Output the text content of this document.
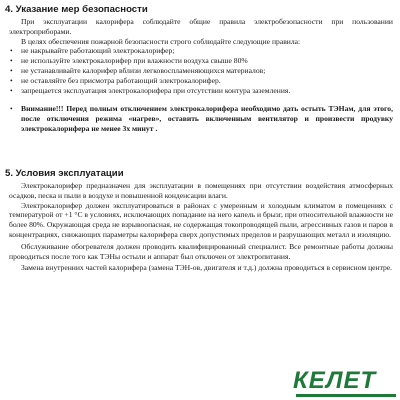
4. Указание мер безопасности

При эксплуатации калорифера соблюдайте общие правила электробезопасности при пользовании электроприборами.

В целях обеспечения пожарной безопасности строго соблюдайте следующие правила:

• не накрывайте работающий электрокалорифер;
• не используйте электрокалорифер при влажности воздуха свыше 80%
• не устанавливайте калорифер вблизи легковоспламеняющихся материалов;
• не оставляйте без присмотра работающий электрокалорифер.
• запрещается эксплуатация электрокалорифера при отсутствии контура заземления.

• Внимание!!! Перед полным отключением электрокалорифера необходимо дать остыть ТЭНам, для этого, после отключения режима «нагрев», оставить включенным вентилятор и произвести продувку электрокалорифера не менее 3х минут .

5. Условия эксплуатации

Электрокалорифер предназначен для эксплуатации в помещениях при отсутствии воздействия атмосферных осадков, песка и пыли в воздухе и повышенной конденсации влаги.

Электрокалорифер должен эксплуатироваться в районах с умеренным и холодным климатом в помещениях с температурой от +1 °С в условиях, исключающих попадание на него капель и брызг, при относительной влажности не более 80%. Окружающая среда не взрывоопасная, не содержащая токопроводящей пыли, агрессивных газов и паров в концентрациях, снижающих параметры калорифера сверх допустимых пределов и разрушающих металл и изоляцию.

Обслуживание обогревателя должен проводить квалифицированный специалист. Все ремонтные работы должны проводиться после того как ТЭНы остыли и аппарат был отключен от электропитания.

Замена внутренних частей калорифера (замена ТЭН-ов, двигателя и т.д.) должна проводиться в сервисном центре.

КЕЛЕТ
